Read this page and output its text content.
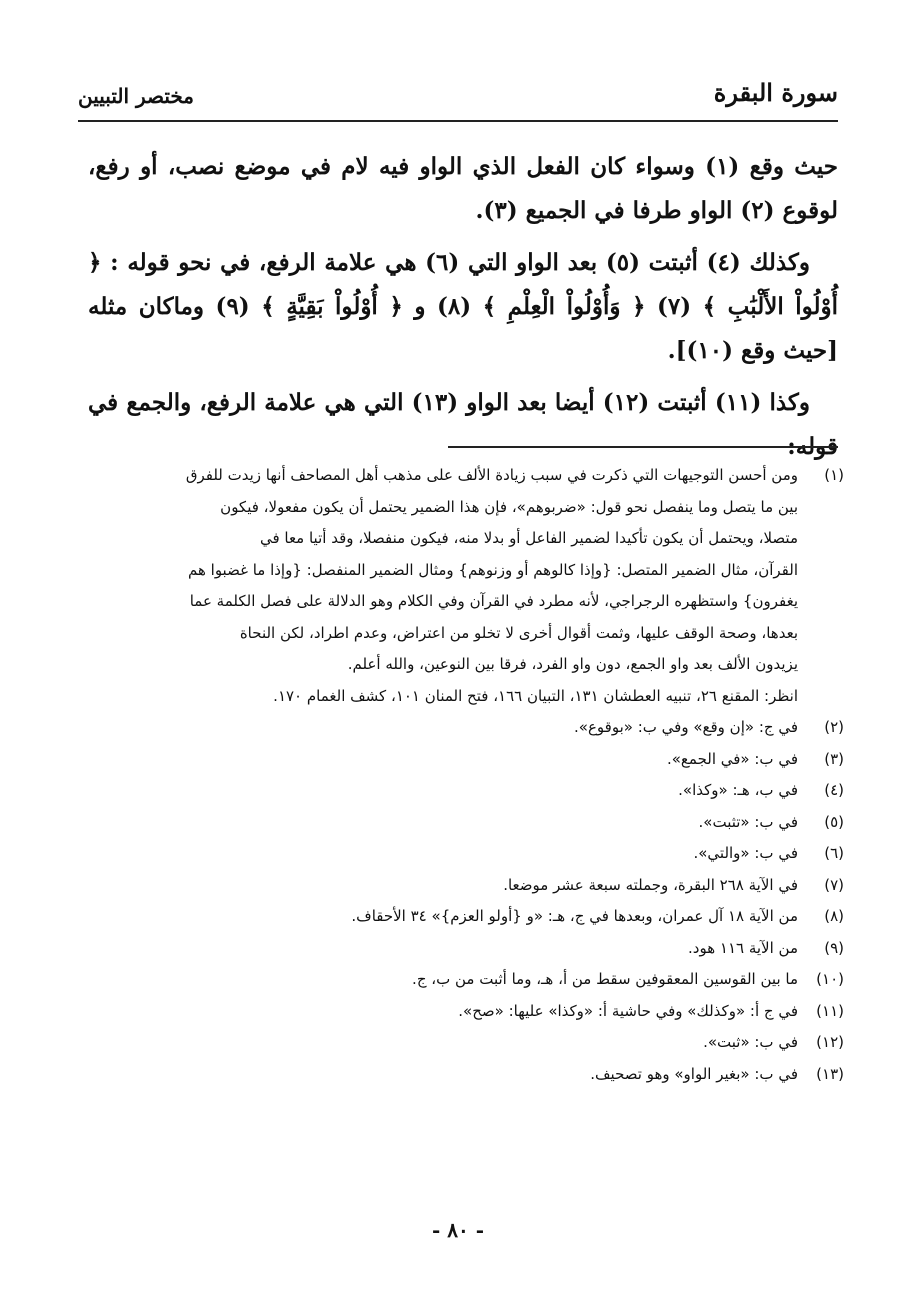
سورة البقرة
مختصر التبيين

حيث وقع (١) وسواء كان الفعل الذي الواو فيه لام في موضع نصب، أو رفع، لوقوع (٢) الواو طرفا في الجميع (٣).

وكذلك (٤) أثبتت (٥) بعد الواو التي (٦) هي علامة الرفع، في نحو قوله : ﴿ أُوْلُواْ الأَلْبَٰبِ ﴾ (٧) ﴿ وَأُوْلُواْ الْعِلْمِ ﴾ (٨) و ﴿ أُوْلُواْ بَقِيَّةٍ ﴾ (٩) وماكان مثله [حيث وقع (١٠)].

وكذا (١١) أثبتت (١٢) أيضا بعد الواو (١٣) التي هي علامة الرفع، والجمع في قوله:

(١)
ومن أحسن التوجيهات التي ذكرت في سبب زيادة الألف على مذهب أهل المصاحف أنها زيدت للفرق
بين ما يتصل وما ينفصل نحو قول: «ضربوهم»، فإن هذا الضمير يحتمل أن يكون مفعولا، فيكون
متصلا، ويحتمل أن يكون تأكيدا لضمير الفاعل أو بدلا منه، فيكون منفصلا، وقد أتيا معا في
القرآن، مثال الضمير المتصل: {وإذا كالوهم أو وزنوهم} ومثال الضمير المنفصل: {وإذا ما غضبوا هم
يغفرون} واستظهره الرجراجي، لأنه مطرد في القرآن وفي الكلام وهو الدلالة على فصل الكلمة عما
بعدها، وصحة الوقف عليها، وثمت أقوال أخرى لا تخلو من اعتراض، وعدم اطراد، لكن النحاة
يزيدون الألف بعد واو الجمع، دون واو الفرد، فرقا بين النوعين، والله أعلم.
انظر: المقنع ٢٦، تنبيه العطشان ١٣١، التبيان ١٦٦، فتح المنان ١٠١، كشف الغمام ١٧٠.
(٢)
في ج: «إن وقع» وفي ب: «بوقوع».
(٣)
في ب: «في الجمع».
(٤)
في ب، هـ: «وكذا».
(٥)
في ب: «تثبت».
(٦)
في ب: «والتي».
(٧)
في الآية ٢٦٨ البقرة، وجملته سبعة عشر موضعا.
(٨)
من الآية ١٨ آل عمران، وبعدها في ج، هـ: «و {أولو العزم}» ٣٤ الأحقاف.
(٩)
من الآية ١١٦ هود.
(١٠)
ما بين القوسين المعقوفين سقط من أ، هـ، وما أثبت من ب، ج.
(١١)
في ج أ: «وكذلك» وفي حاشية أ: «وكذا» عليها: «صح».
(١٢)
في ب: «ثبت».
(١٣)
في ب: «بغير الواو» وهو تصحيف.
- ٨٠ -
